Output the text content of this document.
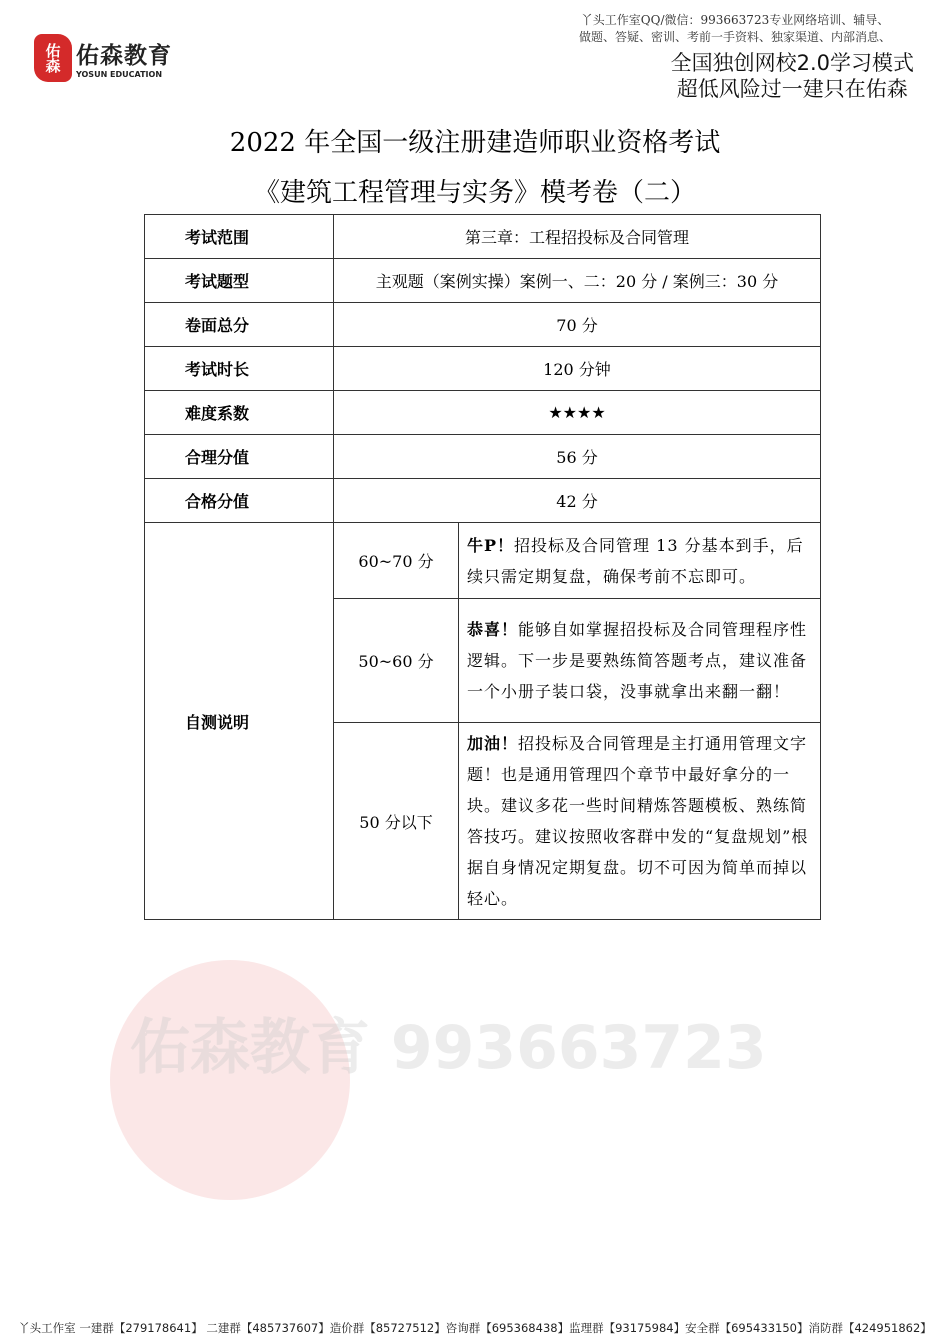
佑森 佑森教育
YOSUN EDUCATION
丫头工作室QQ/微信：993663723专业网络培训、辅导、
做题、答疑、密训、考前一手资料、独家渠道、内部消息、
全国独创网校2.0学习模式
超低风险过一建只在佑森
2022 年全国一级注册建造师职业资格考试
《建筑工程管理与实务》模考卷（二）
考试范围	第三章：工程招投标及合同管理	
考试题型	主观题（案例实操）案例一、二：20 分 / 案例三：30 分	
卷面总分	70 分	
考试时长	120 分钟	
难度系数	★★★★	
合理分值	56 分	
合格分值	42 分	
自测说明	60~70 分	牛P！招投标及合同管理 13 分基本到手，后续只需定期复盘，确保考前不忘即可。
	50~60 分	恭喜！能够自如掌握招投标及合同管理程序性逻辑。下一步是要熟练简答题考点，建议准备一个小册子装口袋，没事就拿出来翻一翻！
	50 分以下	加油！招投标及合同管理是主打通用管理文字题！也是通用管理四个章节中最好拿分的一块。建议多花一些时间精炼答题模板、熟练简答技巧。建议按照收客群中发的“复盘规划”根据自身情况定期复盘。切不可因为简单而掉以轻心。
佑森教育 993663723
丫头工作室 一建群【279178641】 二建群【485737607】造价群【85727512】咨询群【695368438】监理群【93175984】安全群【695433150】消防群【424951862】
